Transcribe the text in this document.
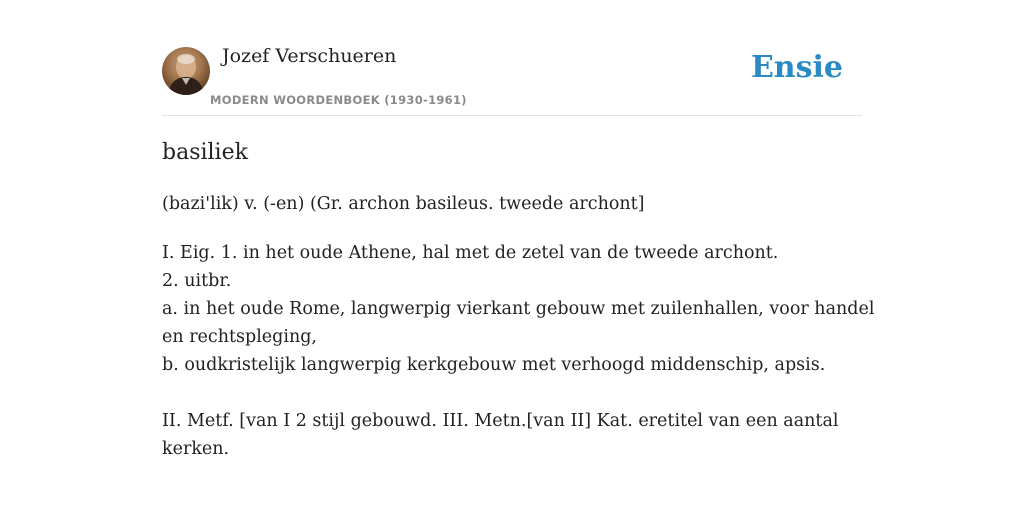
Jozef Verschueren
MODERN WOORDENBOEK (1930-1961)
Ensie
basiliek
(bazi'lik) v. (-en) (Gr. archon basileus. tweede archont]
I. Eig. 1. in het oude Athene, hal met de zetel van de tweede archont.
2. uitbr.
a. in het oude Rome, langwerpig vierkant gebouw met zuilenhallen, voor handel
en rechtspleging,
b. oudkristelijk langwerpig kerkgebouw met verhoogd middenschip, apsis.
II. Metf. [van I 2 stijl gebouwd. III. Metn.[van II] Kat. eretitel van een aantal
kerken.
